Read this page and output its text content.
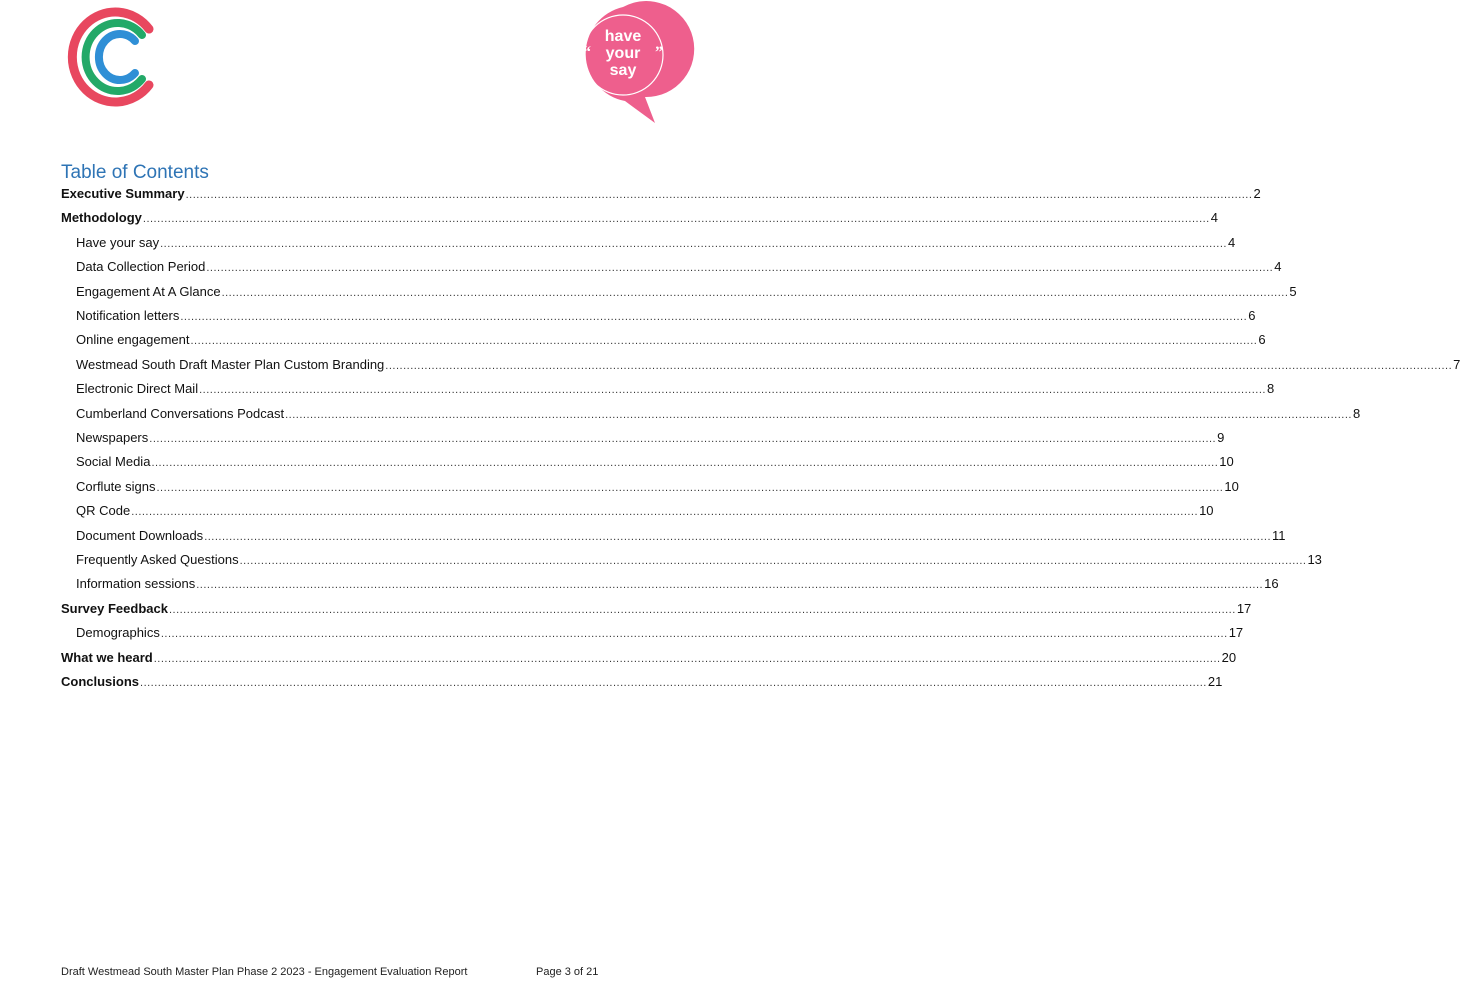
have
your
say
“	”
Table of Contents
Executive Summary ............................................................................................................................................................................................................................................................................................................ 2
Methodology ............................................................................................................................................................................................................................................................................................................ 4
Have your say ............................................................................................................................................................................................................................................................................................................ 4
Data Collection Period ............................................................................................................................................................................................................................................................................................................ 4
Engagement At A Glance ............................................................................................................................................................................................................................................................................................................ 5
Notification letters ............................................................................................................................................................................................................................................................................................................ 6
Online engagement ............................................................................................................................................................................................................................................................................................................ 6
Westmead South Draft Master Plan Custom Branding ............................................................................................................................................................................................................................................................................................................ 7
Electronic Direct Mail ............................................................................................................................................................................................................................................................................................................ 8
Cumberland Conversations Podcast ............................................................................................................................................................................................................................................................................................................ 8
Newspapers ............................................................................................................................................................................................................................................................................................................ 9
Social Media ............................................................................................................................................................................................................................................................................................................ 10
Corflute signs ............................................................................................................................................................................................................................................................................................................ 10
QR Code ............................................................................................................................................................................................................................................................................................................ 10
Document Downloads ............................................................................................................................................................................................................................................................................................................ 11
Frequently Asked Questions ............................................................................................................................................................................................................................................................................................................ 13
Information sessions ............................................................................................................................................................................................................................................................................................................ 16
Survey Feedback ............................................................................................................................................................................................................................................................................................................ 17
Demographics ............................................................................................................................................................................................................................................................................................................ 17
What we heard ............................................................................................................................................................................................................................................................................................................ 20
Conclusions ............................................................................................................................................................................................................................................................................................................ 21
Draft Westmead South Master Plan Phase 2 2023 - Engagement Evaluation Report	Page 3 of 21
